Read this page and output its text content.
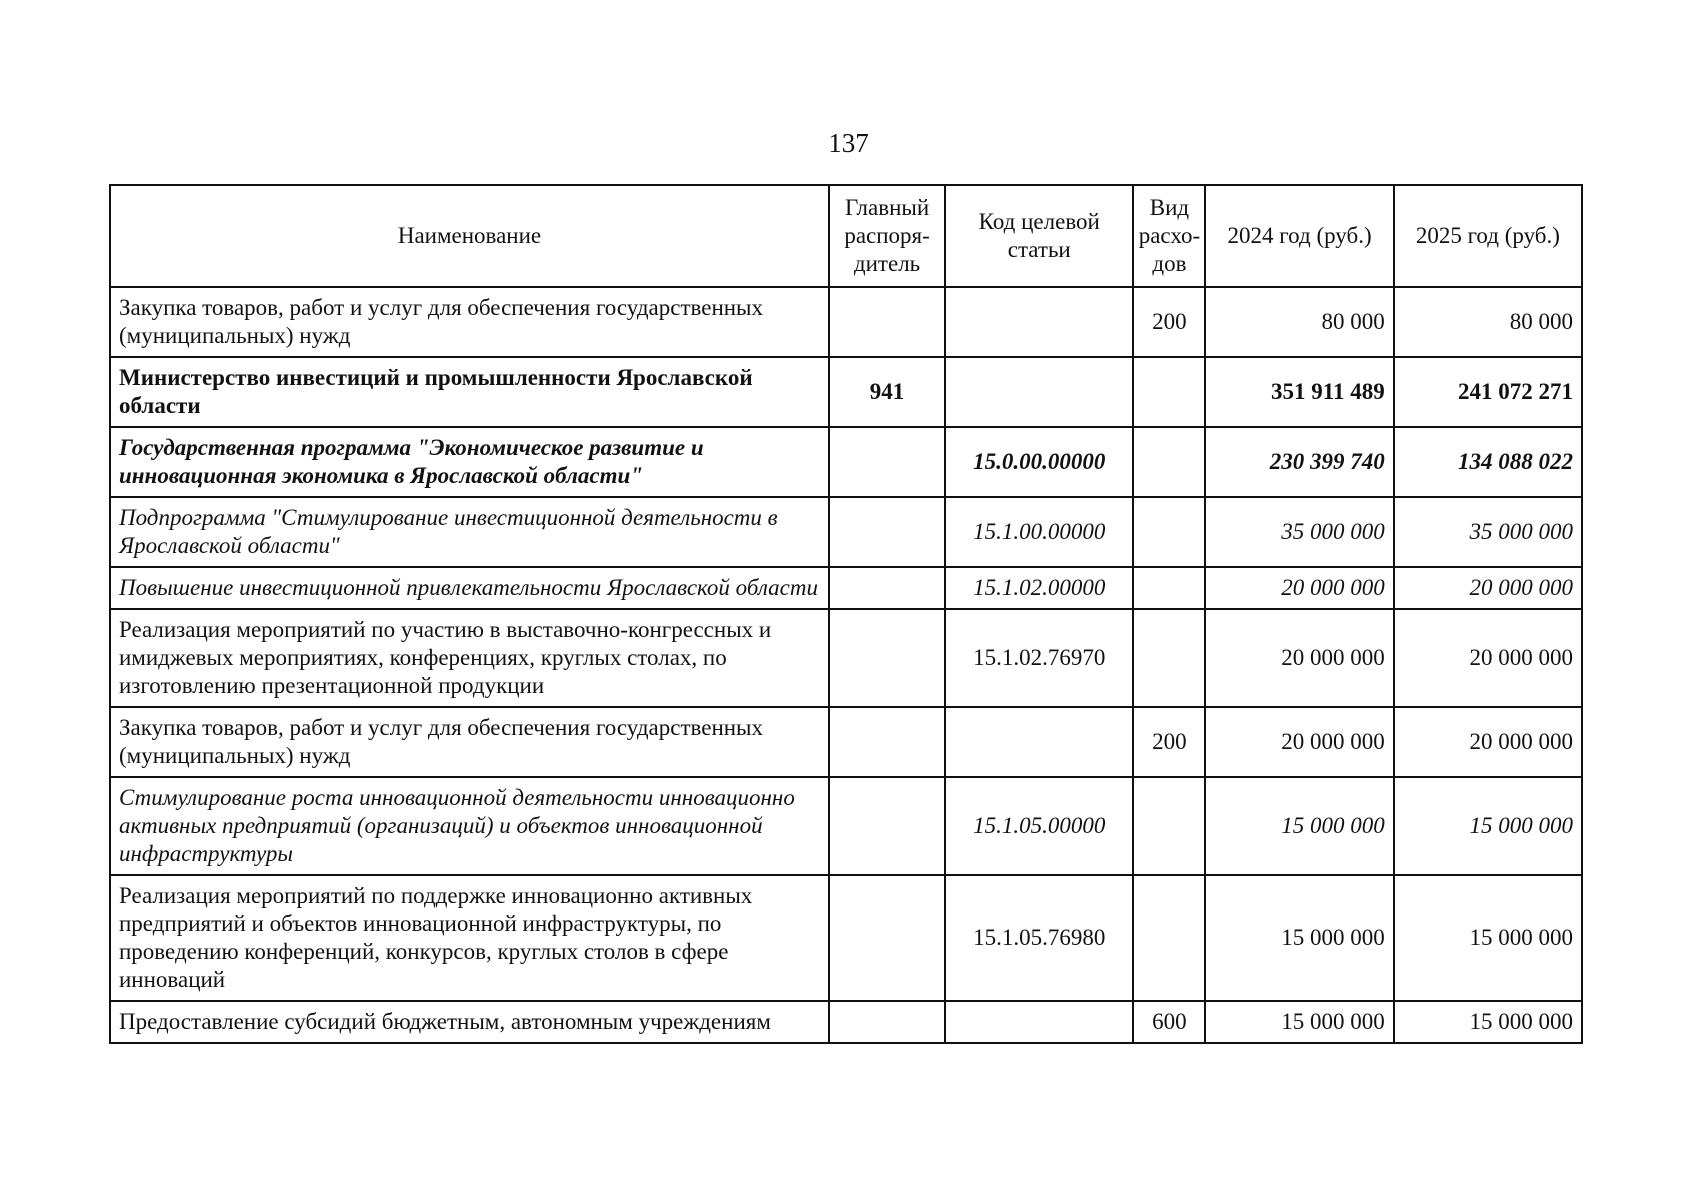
137
Наименование	Главный распоря-дитель	Код целевой статьи	Вид расхо-дов	2024 год (руб.)	2025 год (руб.)
Закупка товаров, работ и услуг для обеспечения государственных (муниципальных) нужд			200	80 000	80 000
Министерство инвестиций и промышленности Ярославской области	941			351 911 489	241 072 271
Государственная программа "Экономическое развитие и инновационная экономика в Ярославской области"		15.0.00.00000		230 399 740	134 088 022
Подпрограмма "Стимулирование инвестиционной деятельности в Ярославской области"		15.1.00.00000		35 000 000	35 000 000
Повышение инвестиционной привлекательности Ярославской области		15.1.02.00000		20 000 000	20 000 000
Реализация мероприятий по участию в выставочно-конгрессных и имиджевых мероприятиях, конференциях, круглых столах, по изготовлению презентационной продукции		15.1.02.76970		20 000 000	20 000 000
Закупка товаров, работ и услуг для обеспечения государственных (муниципальных) нужд			200	20 000 000	20 000 000
Стимулирование роста инновационной деятельности инновационно активных предприятий (организаций) и объектов инновационной инфраструктуры		15.1.05.00000		15 000 000	15 000 000
Реализация мероприятий по поддержке инновационно активных предприятий и объектов инновационной инфраструктуры, по проведению конференций, конкурсов, круглых столов в сфере инноваций		15.1.05.76980		15 000 000	15 000 000
Предоставление субсидий бюджетным, автономным учреждениям			600	15 000 000	15 000 000
